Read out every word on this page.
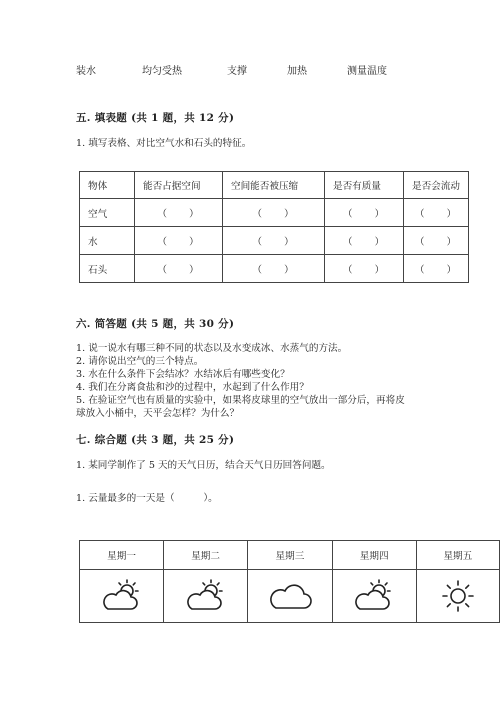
装水	均匀受热	支撑	加热	测量温度
五. 填表题 (共 1 题，共 12 分)
1. 填写表格、对比空气水和石头的特征。
物体	能否占据空间	空间能否被压缩	是否有质量	是否会流动
空气	（　　）	（　　）	（　　）	（　　）
水	（　　）	（　　）	（　　）	（　　）
石头	（　　）	（　　）	（　　）	（　　）
六. 简答题 (共 5 题，共 30 分)
1. 说一说水有哪三种不同的状态以及水变成冰、水蒸气的方法。
2. 请你说出空气的三个特点。
3. 水在什么条件下会结冰？水结冰后有哪些变化？
4. 我们在分离食盐和沙的过程中，水起到了什么作用？
5. 在验证空气也有质量的实验中，如果将皮球里的空气放出一部分后，再将皮
球放入小桶中，天平会怎样？为什么？
七. 综合题 (共 3 题，共 25 分)
1. 某同学制作了 5 天的天气日历，结合天气日历回答问题。
1. 云量最多的一天是（　　　）。
星期一	星期二	星期三	星期四	星期五
